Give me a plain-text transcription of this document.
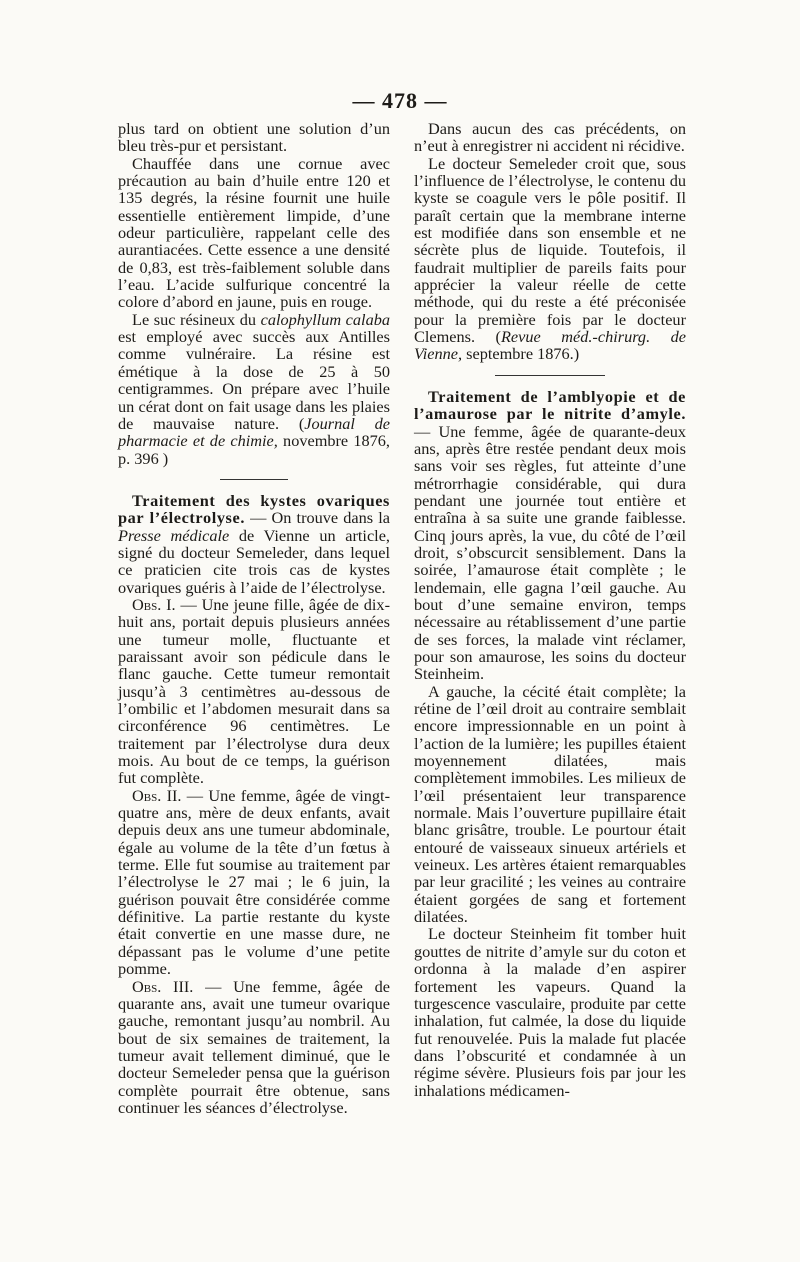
— 478 —

plus tard on obtient une solution d’un bleu très-pur et persistant.

Chauffée dans une cornue avec précaution au bain d’huile entre 120 et 135 degrés, la résine fournit une huile essentielle entièrement limpide, d’une odeur particulière, rappelant celle des aurantiacées. Cette essence a une densité de 0,83, est très-faiblement soluble dans l’eau. L’acide sulfurique concentré la colore d’abord en jaune, puis en rouge.

Le suc résineux du calophyllum calaba est employé avec succès aux Antilles comme vulnéraire. La résine est émétique à la dose de 25 à 50 centigrammes. On prépare avec l’huile un cérat dont on fait usage dans les plaies de mauvaise nature. (Journal de pharmacie et de chimie, novembre 1876, p. 396 )

Traitement des kystes ovariques par l’électrolyse. — On trouve dans la Presse médicale de Vienne un article, signé du docteur Semeleder, dans lequel ce praticien cite trois cas de kystes ovariques guéris à l’aide de l’électrolyse.

Obs. I. — Une jeune fille, âgée de dix-huit ans, portait depuis plusieurs années une tumeur molle, fluctuante et paraissant avoir son pédicule dans le flanc gauche. Cette tumeur remontait jusqu’à 3 centimètres au-dessous de l’ombilic et l’abdomen mesurait dans sa circonférence 96 centimètres. Le traitement par l’électrolyse dura deux mois. Au bout de ce temps, la guérison fut complète.

Obs. II. — Une femme, âgée de vingt-quatre ans, mère de deux enfants, avait depuis deux ans une tumeur abdominale, égale au volume de la tête d’un fœtus à terme. Elle fut soumise au traitement par l’électrolyse le 27 mai ; le 6 juin, la guérison pouvait être considérée comme définitive. La partie restante du kyste était convertie en une masse dure, ne dépassant pas le volume d’une petite pomme.

Obs. III. — Une femme, âgée de quarante ans, avait une tumeur ovarique gauche, remontant jusqu’au nombril. Au bout de six semaines de traitement, la tumeur avait tellement diminué, que le docteur Semeleder pensa que la guérison complète pourrait être obtenue, sans continuer les séances d’électrolyse.

Dans aucun des cas précédents, on n’eut à enregistrer ni accident ni récidive.

Le docteur Semeleder croit que, sous l’influence de l’électrolyse, le contenu du kyste se coagule vers le pôle positif. Il paraît certain que la membrane interne est modifiée dans son ensemble et ne sécrète plus de liquide. Toutefois, il faudrait multiplier de pareils faits pour apprécier la valeur réelle de cette méthode, qui du reste a été préconisée pour la première fois par le docteur Clemens. (Revue méd.-chirurg. de Vienne, septembre 1876.)

Traitement de l’amblyopie et de l’amaurose par le nitrite d’amyle. — Une femme, âgée de quarante-deux ans, après être restée pendant deux mois sans voir ses règles, fut atteinte d’une métrorrhagie considérable, qui dura pendant une journée tout entière et entraîna à sa suite une grande faiblesse. Cinq jours après, la vue, du côté de l’œil droit, s’obscurcit sensiblement. Dans la soirée, l’amaurose était complète ; le lendemain, elle gagna l’œil gauche. Au bout d’une semaine environ, temps nécessaire au rétablissement d’une partie de ses forces, la malade vint réclamer, pour son amaurose, les soins du docteur Steinheim.

A gauche, la cécité était complète; la rétine de l’œil droit au contraire semblait encore impressionnable en un point à l’action de la lumière; les pupilles étaient moyennement dilatées, mais complètement immobiles. Les milieux de l’œil présentaient leur transparence normale. Mais l’ouverture pupillaire était blanc grisâtre, trouble. Le pourtour était entouré de vaisseaux sinueux artériels et veineux. Les artères étaient remarquables par leur gracilité ; les veines au contraire étaient gorgées de sang et fortement dilatées.

Le docteur Steinheim fit tomber huit gouttes de nitrite d’amyle sur du coton et ordonna à la malade d’en aspirer fortement les vapeurs. Quand la turgescence vasculaire, produite par cette inhalation, fut calmée, la dose du liquide fut renouvelée. Puis la malade fut placée dans l’obscurité et condamnée à un régime sévère. Plusieurs fois par jour les inhalations médicamen-
